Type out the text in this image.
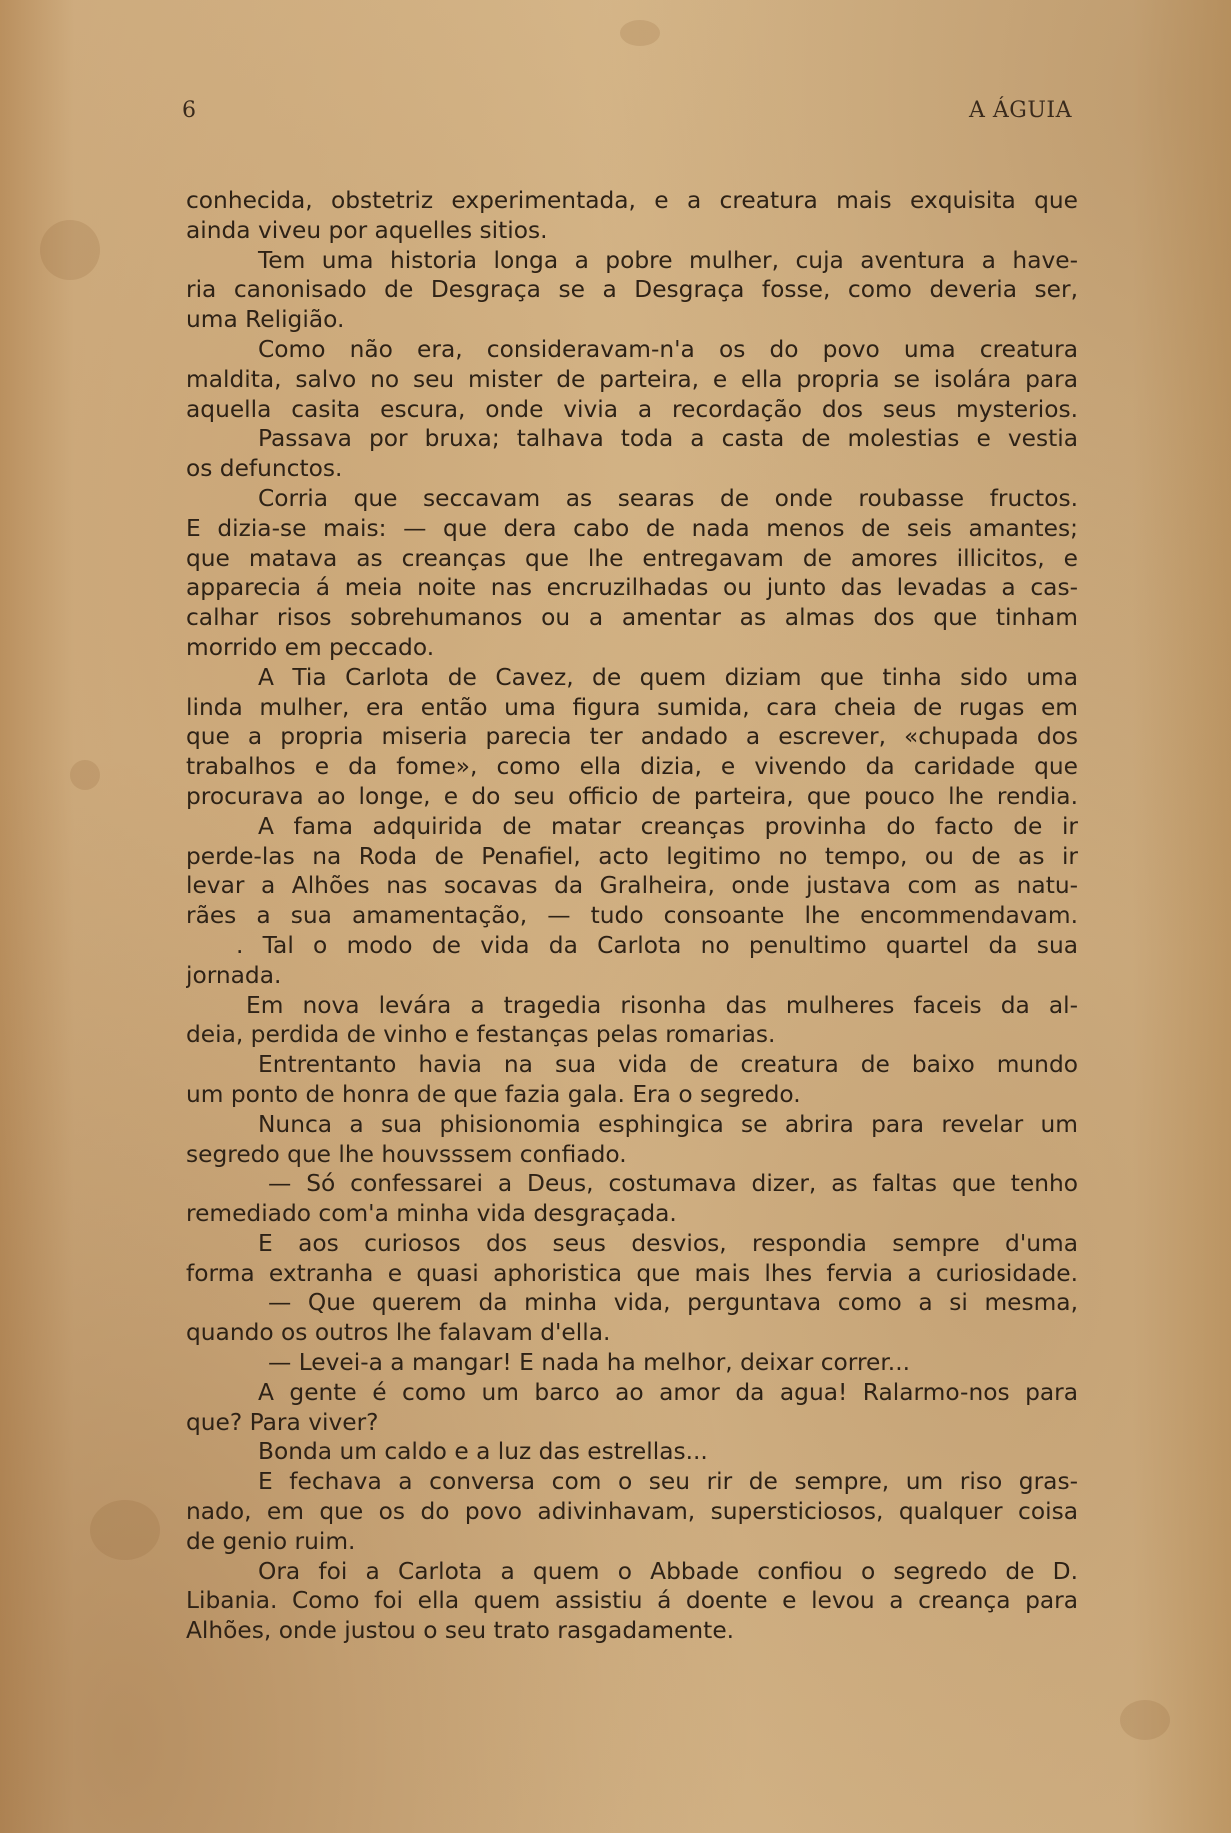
6	A ÁGUIA
conhecida, obstetriz experimentada, e a creatura mais exquisita que
ainda viveu por aquelles sitios.
Tem uma historia longa a pobre mulher, cuja aventura a have-
ria canonisado de Desgraça se a Desgraça fosse, como deveria ser,
uma Religião.
Como não era, consideravam-n'a os do povo uma creatura
maldita, salvo no seu mister de parteira, e ella propria se isolára para
aquella casita escura, onde vivia a recordação dos seus mysterios.
Passava por bruxa; talhava toda a casta de molestias e vestia
os defunctos.
Corria que seccavam as searas de onde roubasse fructos.
E dizia-se mais: — que dera cabo de nada menos de seis amantes;
que matava as creanças que lhe entregavam de amores illicitos, e
apparecia á meia noite nas encruzilhadas ou junto das levadas a cas-
calhar risos sobrehumanos ou a amentar as almas dos que tinham
morrido em peccado.
A Tia Carlota de Cavez, de quem diziam que tinha sido uma
linda mulher, era então uma figura sumida, cara cheia de rugas em
que a propria miseria parecia ter andado a escrever, «chupada dos
trabalhos e da fome», como ella dizia, e vivendo da caridade que
procurava ao longe, e do seu officio de parteira, que pouco lhe rendia.
A fama adquirida de matar creanças provinha do facto de ir
perde-las na Roda de Penafiel, acto legitimo no tempo, ou de as ir
levar a Alhões nas socavas da Gralheira, onde justava com as natu-
rães a sua amamentação, — tudo consoante lhe encommendavam.
. Tal o modo de vida da Carlota no penultimo quartel da sua
jornada.
Em nova levára a tragedia risonha das mulheres faceis da al-
deia, perdida de vinho e festanças pelas romarias.
Entrentanto havia na sua vida de creatura de baixo mundo
um ponto de honra de que fazia gala. Era o segredo.
Nunca a sua phisionomia esphingica se abrira para revelar um
segredo que lhe houvsssem confiado.
— Só confessarei a Deus, costumava dizer, as faltas que tenho
remediado com'a minha vida desgraçada.
E aos curiosos dos seus desvios, respondia sempre d'uma
forma extranha e quasi aphoristica que mais lhes fervia a curiosidade.
— Que querem da minha vida, perguntava como a si mesma,
quando os outros lhe falavam d'ella.
— Levei-a a mangar! E nada ha melhor, deixar correr...
A gente é como um barco ao amor da agua! Ralarmo-nos para
que? Para viver?
Bonda um caldo e a luz das estrellas...
E fechava a conversa com o seu rir de sempre, um riso gras-
nado, em que os do povo adivinhavam, supersticiosos, qualquer coisa
de genio ruim.
Ora foi a Carlota a quem o Abbade confiou o segredo de D.
Libania. Como foi ella quem assistiu á doente e levou a creança para
Alhões, onde justou o seu trato rasgadamente.
